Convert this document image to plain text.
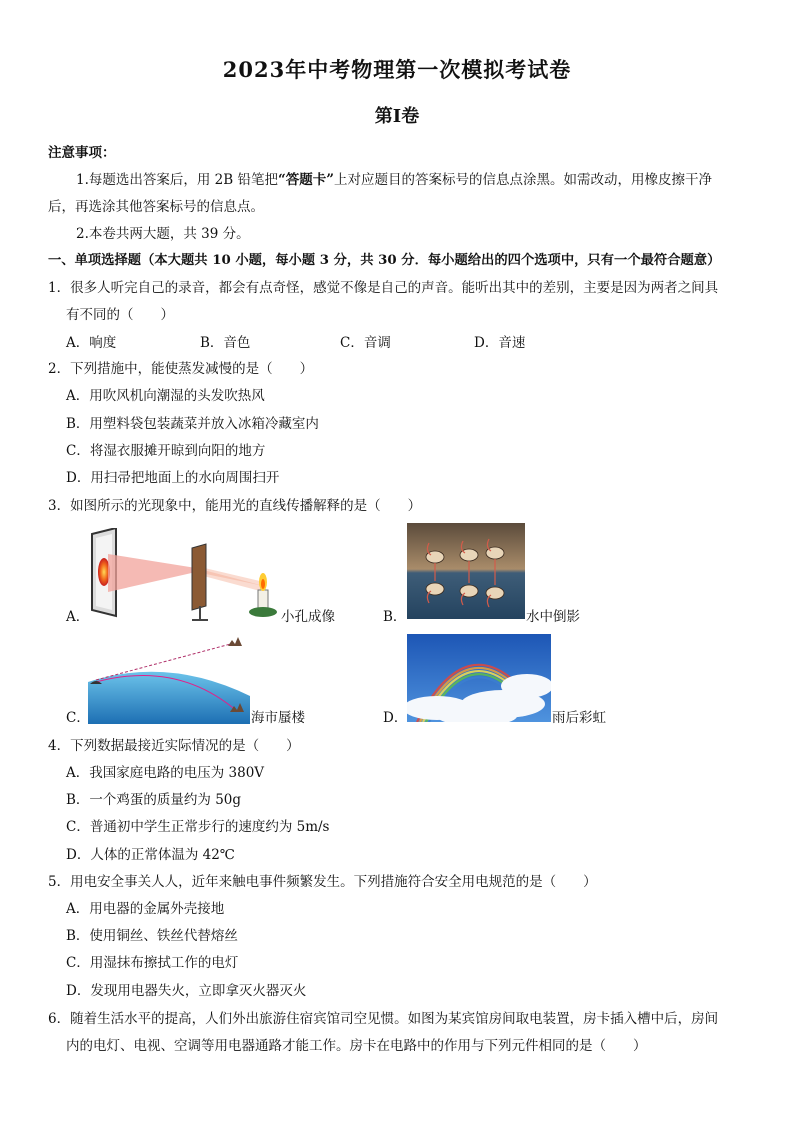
2023年中考物理第一次模拟考试卷
第Ⅰ卷
注意事项：
1.每题选出答案后，用 2B 铅笔把“答题卡”上对应题目的答案标号的信息点涂黑。如需改动，用橡皮擦干净
后，再选涂其他答案标号的信息点。
2.本卷共两大题，共 39 分。
一、单项选择题（本大题共 10 小题，每小题 3 分，共 30 分．每小题给出的四个选项中，只有一个最符合题意）
1．很多人听完自己的录音，都会有点奇怪，感觉不像是自己的声音。能听出其中的差别，主要是因为两者之间具
有不同的（　　）
A．响度	B．音色	C．音调	D．音速
2．下列措施中，能使蒸发减慢的是（　　）
A．用吹风机向潮湿的头发吹热风
B．用塑料袋包装蔬菜并放入冰箱冷藏室内
C．将湿衣服摊开晾到向阳的地方
D．用扫帚把地面上的水向周围扫开
3．如图所示的光现象中，能用光的直线传播解释的是（　　）
A．	小孔成像	B．	水中倒影
C．	海市蜃楼	D．	雨后彩虹
4．下列数据最接近实际情况的是（　　）
A．我国家庭电路的电压为 380V
B．一个鸡蛋的质量约为 50g
C．普通初中学生正常步行的速度约为 5m/s
D．人体的正常体温为 42℃
5．用电安全事关人人，近年来触电事件频繁发生。下列措施符合安全用电规范的是（　　）
A．用电器的金属外壳接地
B．使用铜丝、铁丝代替熔丝
C．用湿抹布擦拭工作的电灯
D．发现用电器失火，立即拿灭火器灭火
6．随着生活水平的提高，人们外出旅游住宿宾馆司空见惯。如图为某宾馆房间取电装置，房卡插入槽中后，房间
内的电灯、电视、空调等用电器通路才能工作。房卡在电路中的作用与下列元件相同的是（　　）
